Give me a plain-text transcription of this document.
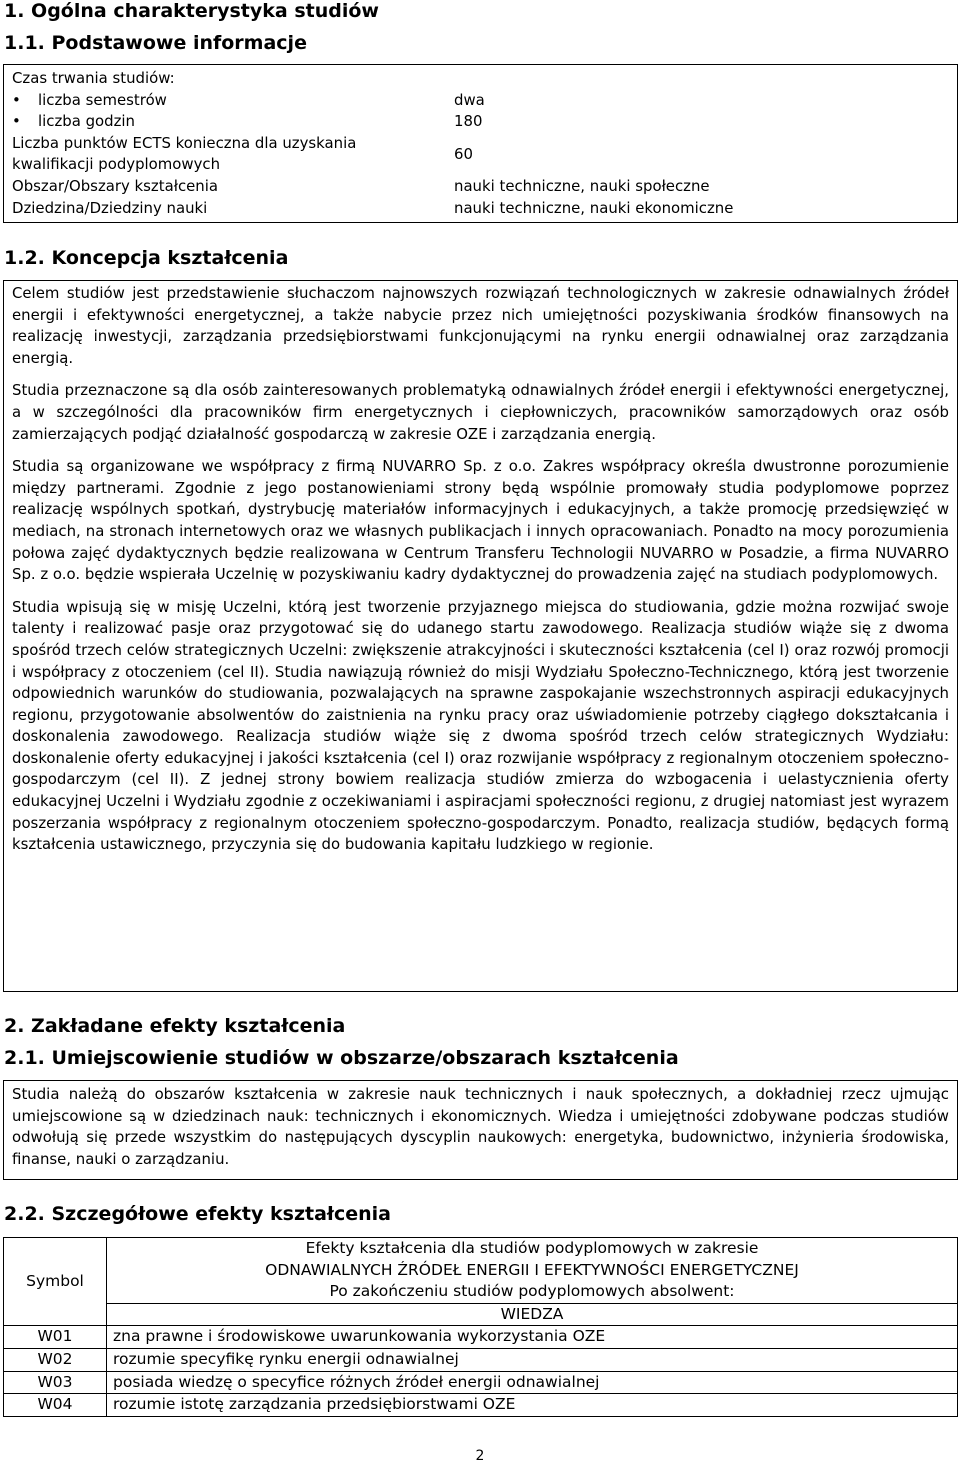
1. Ogólna charakterystyka studiów
1.1. Podstawowe informacje
Czas trwania studiów:	
• liczba semestrów	dwa
• liczba godzin	180

Liczba punktów ECTS konieczna dla uzyskania
kwalifikacji podyplomowych	60
Obszar/Obszary kształcenia	nauki techniczne, nauki społeczne
Dziedzina/Dziedziny nauki	nauki techniczne, nauki ekonomiczne
1.2. Koncepcja kształcenia

Celem studiów jest przedstawienie słuchaczom najnowszych rozwiązań technologicznych w zakresie odnawialnych źródeł energii i efektywności energetycznej, a także nabycie przez nich umiejętności pozyskiwania środków finansowych na realizację inwestycji, zarządzania przedsiębiorstwami funkcjonującymi na rynku energii odnawialnej oraz zarządzania energią.

Studia przeznaczone są dla osób zainteresowanych problematyką odnawialnych źródeł energii i efektywności energetycznej, a w szczególności dla pracowników firm energetycznych i ciepłowniczych, pracowników samorządowych oraz osób zamierzających podjąć działalność gospodarczą w zakresie OZE i zarządzania energią.

Studia są organizowane we współpracy z firmą NUVARRO Sp. z o.o. Zakres współpracy określa dwustronne porozumienie między partnerami. Zgodnie z jego postanowieniami strony będą wspólnie promowały studia podyplomowe poprzez realizację wspólnych spotkań, dystrybucję materiałów informacyjnych i edukacyjnych, a także promocję przedsięwzięć w mediach, na stronach internetowych oraz we własnych publikacjach i innych opracowaniach. Ponadto na mocy porozumienia połowa zajęć dydaktycznych będzie realizowana w Centrum Transferu Technologii NUVARRO w Posadzie, a firma NUVARRO Sp. z o.o. będzie wspierała Uczelnię w pozyskiwaniu kadry dydaktycznej do prowadzenia zajęć na studiach podyplomowych.

Studia wpisują się w misję Uczelni, którą jest tworzenie przyjaznego miejsca do studiowania, gdzie można rozwijać swoje talenty i realizować pasje oraz przygotować się do udanego startu zawodowego. Realizacja studiów wiąże się z dwoma spośród trzech celów strategicznych Uczelni: zwiększenie atrakcyjności i skuteczności kształcenia (cel I) oraz rozwój promocji i współpracy z otoczeniem (cel II). Studia nawiązują również do misji Wydziału Społeczno-Technicznego, którą jest tworzenie odpowiednich warunków do studiowania, pozwalających na sprawne zaspokajanie wszechstronnych aspiracji edukacyjnych regionu, przygotowanie absolwentów do zaistnienia na rynku pracy oraz uświadomienie potrzeby ciągłego dokształcania i doskonalenia zawodowego. Realizacja studiów wiąże się z dwoma spośród trzech celów strategicznych Wydziału: doskonalenie oferty edukacyjnej i jakości kształcenia (cel I) oraz rozwijanie współpracy z regionalnym otoczeniem społeczno-gospodarczym (cel II). Z jednej strony bowiem realizacja studiów zmierza do wzbogacenia i uelastycznienia oferty edukacyjnej Uczelni i Wydziału zgodnie z oczekiwaniami i aspiracjami społeczności regionu, z drugiej natomiast jest wyrazem poszerzania współpracy z regionalnym otoczeniem społeczno-gospodarczym. Ponadto, realizacja studiów, będących formą kształcenia ustawicznego, przyczynia się do budowania kapitału ludzkiego w regionie.

2. Zakładane efekty kształcenia
2.1. Umiejscowienie studiów w obszarze/obszarach kształcenia

Studia należą do obszarów kształcenia w zakresie nauk technicznych i nauk społecznych, a dokładniej rzecz ujmując umiejscowione są w dziedzinach nauk: technicznych i ekonomicznych. Wiedza i umiejętności zdobywane podczas studiów odwołują się przede wszystkim do następujących dyscyplin naukowych: energetyka, budownictwo, inżynieria środowiska, finanse, nauki o zarządzaniu.

2.2. Szczegółowe efekty kształcenia
Symbol	Efekty kształcenia dla studiów podyplomowych w zakresie
ODNAWIALNYCH ŹRÓDEŁ ENERGII I EFEKTYWNOŚCI ENERGETYCZNEJ
Po zakończeniu studiów podyplomowych absolwent:

	WIEDZA
W01	zna prawne i środowiskowe uwarunkowania wykorzystania OZE
W02	rozumie specyfikę rynku energii odnawialnej
W03	posiada wiedzę o specyfice różnych źródeł energii odnawialnej
W04	rozumie istotę zarządzania przedsiębiorstwami OZE
2
